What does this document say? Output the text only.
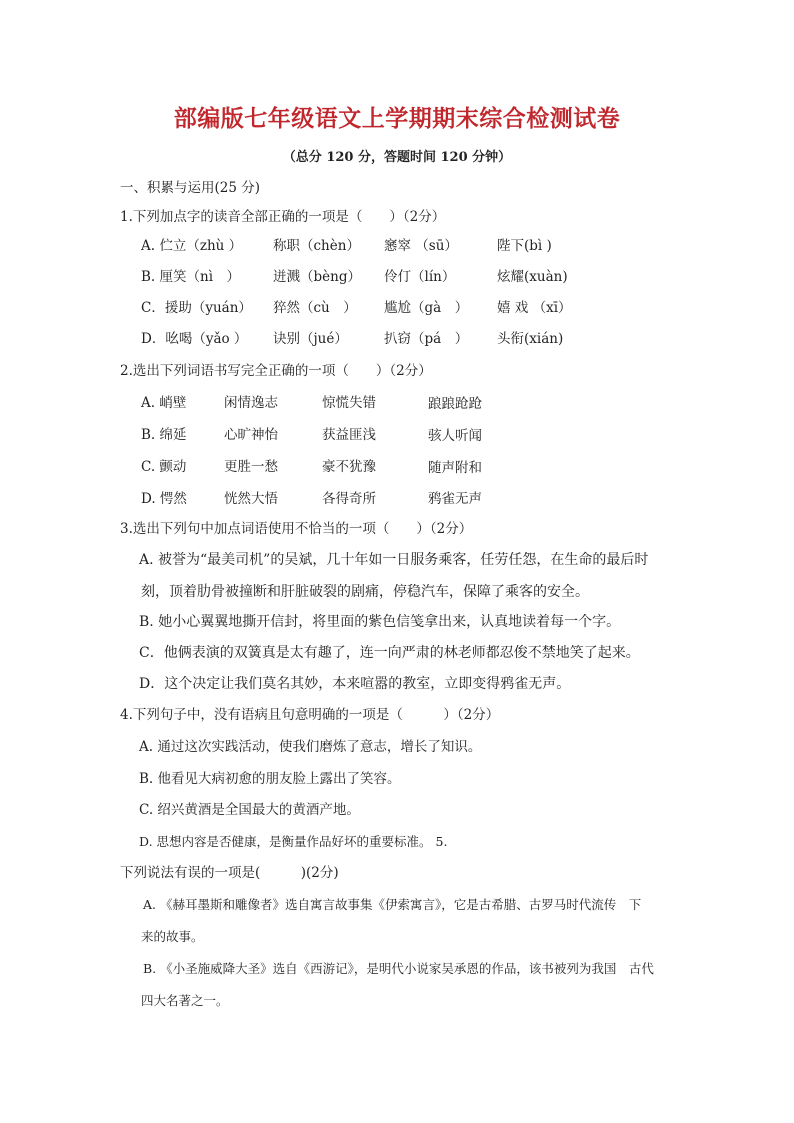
部编版七年级语文上学期期末综合检测试卷
（总分 120 分，答题时间 120 分钟）
一、积累与运用(25 分)
1.下列加点字的读音全部正确的一项是（　　）（2分）
A. 伫立（zhù ） 称职（chèn） 窸窣 （sū）	陛下(bì )
B. 厘笑（nì　） 迸溅（bèng） 伶仃（lín）	炫耀(xuàn)
C．援助（yuán） 猝然（cù　） 尴尬（gà　） 嬉 戏 （xī）
D．吆喝（yǎo ） 诀别（jué）	扒窃（pá　） 头衔(xián)
2.选出下列词语书写完全正确的一项（　　）（2分）
A. 峭壁	闲情逸志	惊慌失错	踉踉跄跄
B. 绵延	心旷神怡	获益匪浅	骇人听闻
C. 颤动	更胜一愁	豪不犹豫	随声附和
D. 愕然	恍然大悟	各得奇所	鸦雀无声
3.选出下列句中加点词语使用不恰当的一项（　　）（2分）
A. 被誉为“最美司机”的吴斌，几十年如一日服务乘客，任劳任怨，在生命的最后时
刻，顶着肋骨被撞断和肝脏破裂的剧痛，停稳汽车，保障了乘客的安全。
B. 她小心翼翼地撕开信封，将里面的紫色信笺拿出来，认真地读着每一个字。
C．他俩表演的双簧真是太有趣了，连一向严肃的林老师都忍俊不禁地笑了起来。
D．这个决定让我们莫名其妙，本来喧嚣的教室，立即变得鸦雀无声。
4.下列句子中，没有语病且句意明确的一项是（　　　）（2分）
A. 通过这次实践活动，使我们磨炼了意志，增长了知识。
B. 他看见大病初愈的朋友脸上露出了笑容。
C. 绍兴黄酒是全国最大的黄酒产地。
D. 思想内容是否健康，是衡量作品好坏的重要标准。 5.
下列说法有误的一项是(　　　)(2分)
A. 《赫耳墨斯和雕像者》选自寓言故事集《伊索寓言》，它是古希腊、古罗马时代流传　下
来的故事。
B. 《小圣施威降大圣》选自《西游记》，是明代小说家吴承恩的作品，该书被列为我国　古代
四大名著之一。
